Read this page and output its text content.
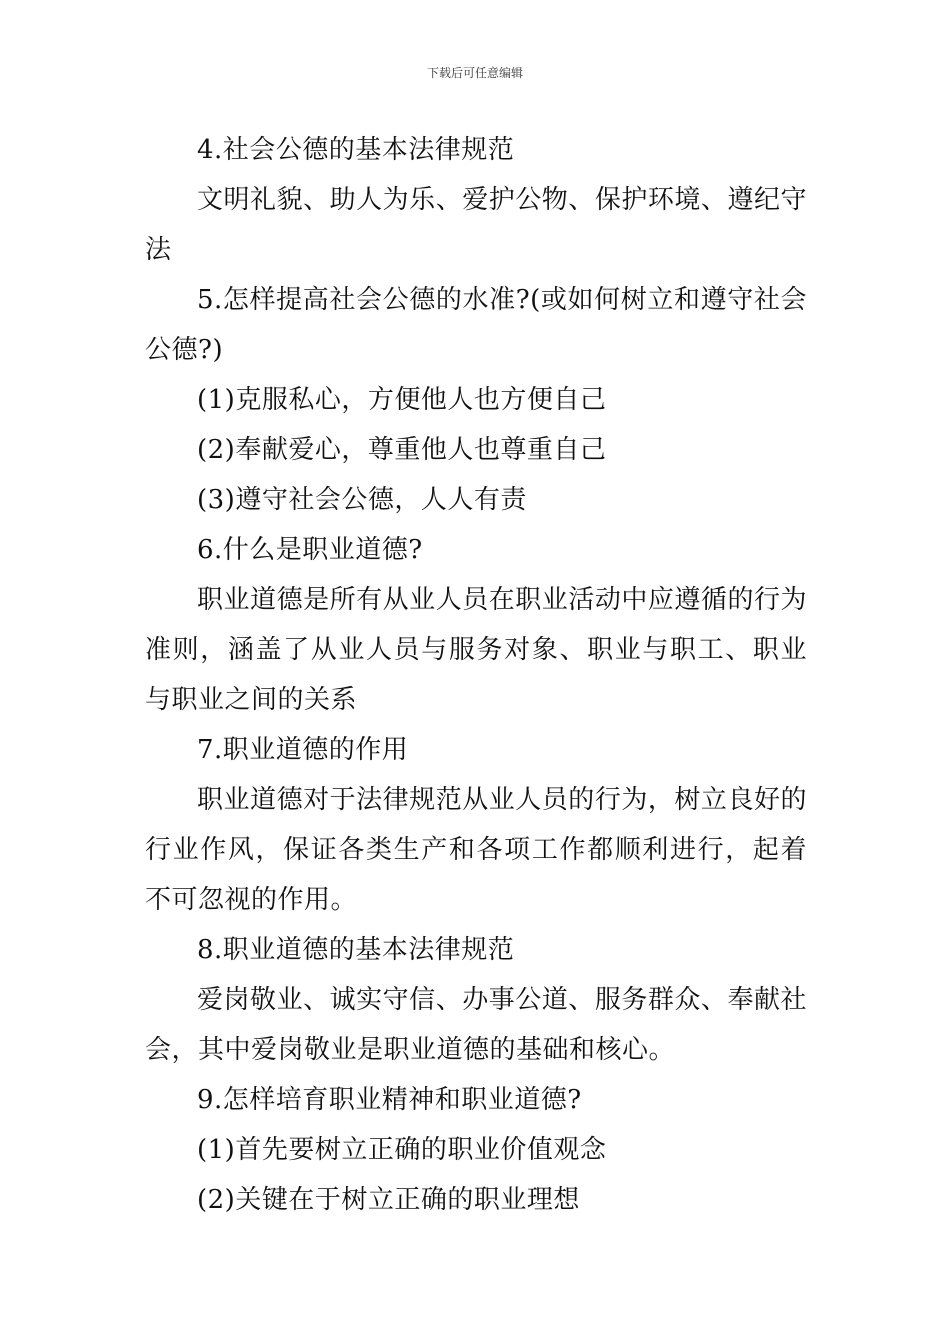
下载后可任意编辑

4.社会公德的基本法律规范

文明礼貌、助人为乐、爱护公物、保护环境、遵纪守法

5.怎样提高社会公德的水准?(或如何树立和遵守社会公德?)

(1)克服私心，方便他人也方便自己

(2)奉献爱心，尊重他人也尊重自己

(3)遵守社会公德，人人有责

6.什么是职业道德?

职业道德是所有从业人员在职业活动中应遵循的行为准则，涵盖了从业人员与服务对象、职业与职工、职业与职业之间的关系

7.职业道德的作用

职业道德对于法律规范从业人员的行为，树立良好的行业作风，保证各类生产和各项工作都顺利进行，起着不可忽视的作用。

8.职业道德的基本法律规范

爱岗敬业、诚实守信、办事公道、服务群众、奉献社会，其中爱岗敬业是职业道德的基础和核心。

9.怎样培育职业精神和职业道德?

(1)首先要树立正确的职业价值观念

(2)关键在于树立正确的职业理想
